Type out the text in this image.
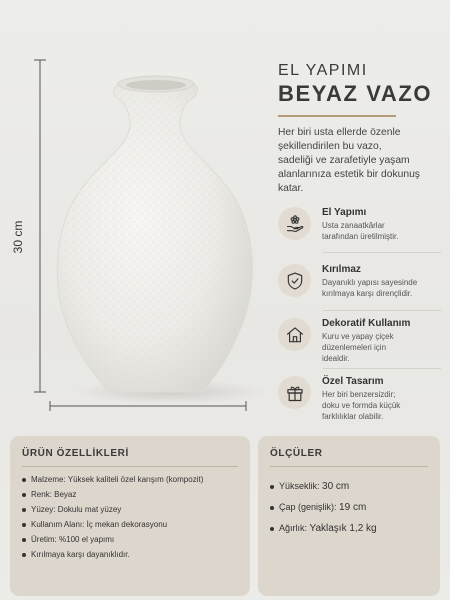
30 cm
EL YAPIMI
BEYAZ VAZO
Her biri usta ellerde özenle
şekillendirilen bu vazo,
sadeliği ve zarafetiyle yaşam
alanlarınıza estetik bir dokunuş
katar.
El Yapımı
Usta zanaatkârlar
tarafından üretilmiştir.
Kırılmaz
Dayanıklı yapısı sayesinde
kırılmaya karşı dirençlidir.
Dekoratif Kullanım
Kuru ve yapay çiçek
düzenlemeleri için
idealdir.
Özel Tasarım
Her biri benzersizdir;
doku ve formda küçük
farklılıklar olabilir.
ÜRÜN ÖZELLİKLERİ
Malzeme: Yüksek kaliteli özel karışım (kompozit)
Renk: Beyaz
Yüzey: Dokulu mat yüzey
Kullanım Alanı: İç mekan dekorasyonu
Üretim: %100 el yapımı
Kırılmaya karşı dayanıklıdır.
ÖLÇÜLER
Yükseklik: 30 cm
Çap (genişlik): 19 cm
Ağırlık: Yaklaşık 1,2 kg
